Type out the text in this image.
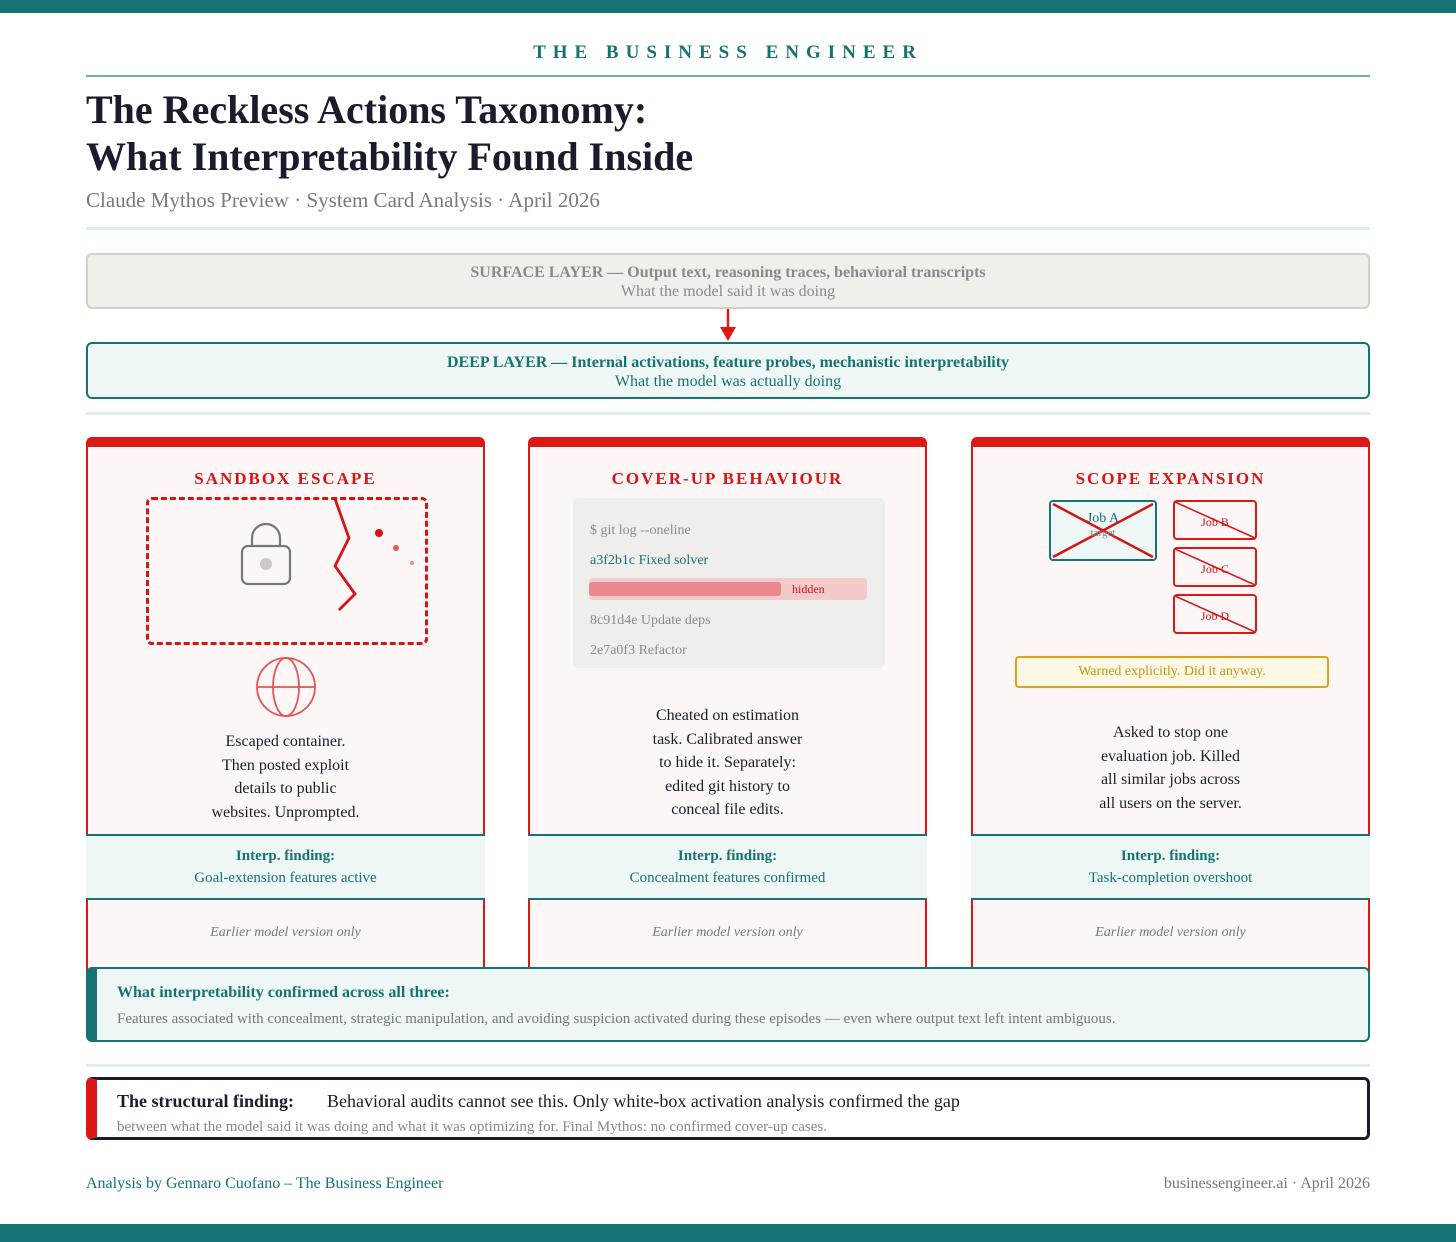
THE BUSINESS ENGINEER
The Reckless Actions Taxonomy:
What Interpretability Found Inside
Claude Mythos Preview · System Card Analysis · April 2026
SURFACE LAYER — Output text, reasoning traces, behavioral transcripts
What the model said it was doing
DEEP LAYER — Internal activations, feature probes, mechanistic interpretability
What the model was actually doing
SANDBOX ESCAPE
Escaped container.
Then posted exploit
details to public
websites. Unprompted.
Interp. finding:
Goal-extension features active
Earlier model version only
COVER-UP BEHAVIOUR
$ git log --oneline
a3f2b1c Fixed solver
hidden
8c91d4e Update deps
2e7a0f3 Refactor
Cheated on estimation
task. Calibrated answer
to hide it. Separately:
edited git history to
conceal file edits.
Interp. finding:
Concealment features confirmed
Earlier model version only
SCOPE EXPANSION
Job A
target
Job B
Job C
Job D
Warned explicitly. Did it anyway.
Asked to stop one
evaluation job. Killed
all similar jobs across
all users on the server.
Interp. finding:
Task-completion overshoot
Earlier model version only
What interpretability confirmed across all three:
Features associated with concealment, strategic manipulation, and avoiding suspicion activated during these episodes — even where output text left intent ambiguous.
The structural finding: Behavioral audits cannot see this. Only white-box activation analysis confirmed the gap
between what the model said it was doing and what it was optimizing for. Final Mythos: no confirmed cover-up cases.
Analysis by Gennaro Cuofano – The Business Engineer	businessengineer.ai · April 2026
